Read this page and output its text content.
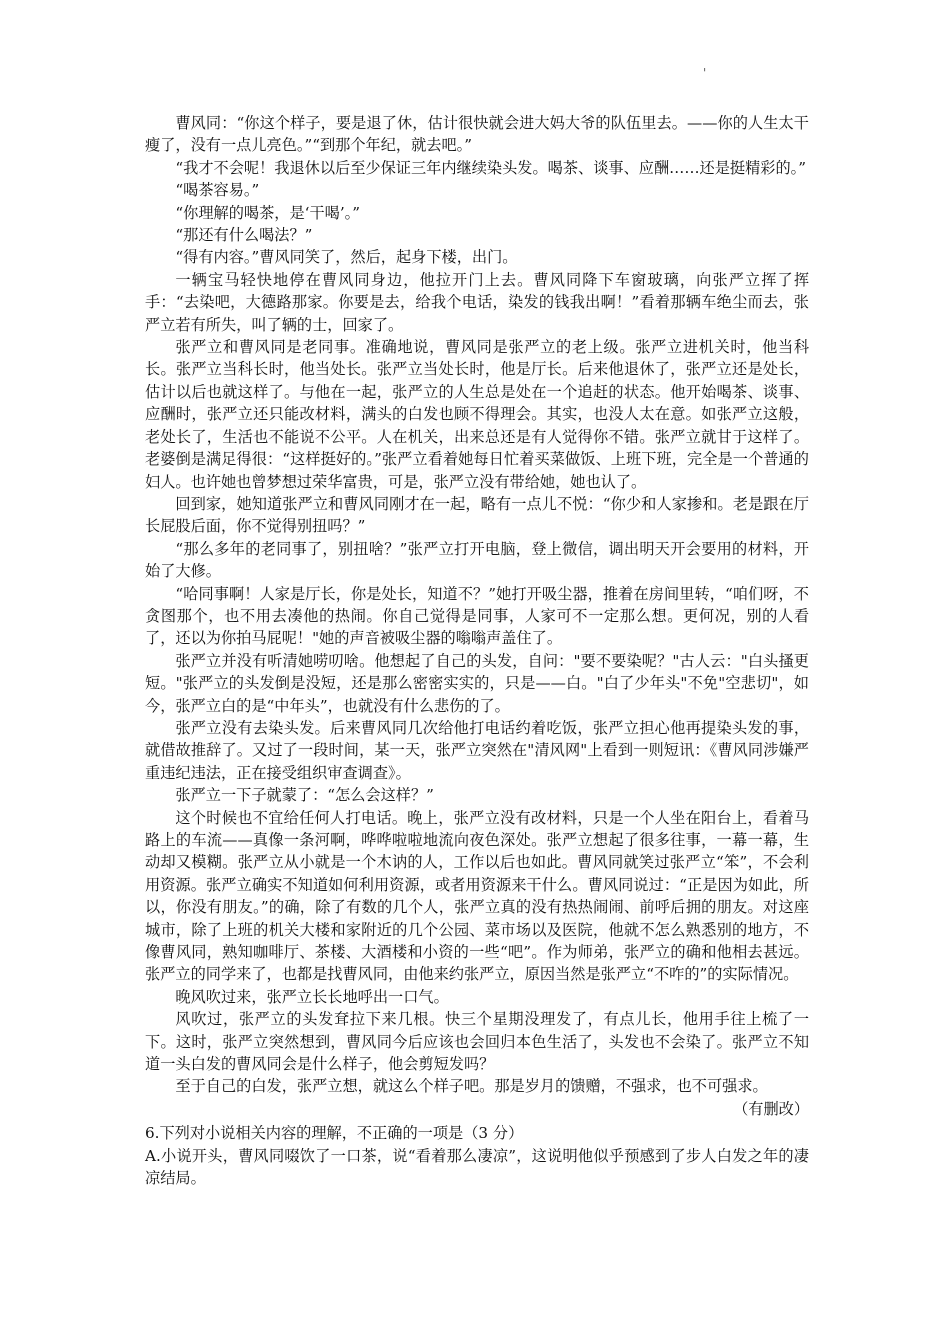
'

曹风同：“你这个样子，要是退了休，估计很快就会进大妈大爷的队伍里去。——你的人生太干瘦了，没有一点儿亮色。”“到那个年纪，就去吧。”

“我才不会呢！我退休以后至少保证三年内继续染头发。喝茶、谈事、应酬……还是挺精彩的。”

“喝茶容易。”

“你理解的喝茶，是‘干喝’。”

“那还有什么喝法？”

“得有内容。”曹风同笑了，然后，起身下楼，出门。

一辆宝马轻快地停在曹风同身边，他拉开门上去。曹风同降下车窗玻璃，向张严立挥了挥手：“去染吧，大德路那家。你要是去，给我个电话，染发的钱我出啊！”看着那辆车绝尘而去，张严立若有所失，叫了辆的士，回家了。

张严立和曹风同是老同事。准确地说，曹风同是张严立的老上级。张严立进机关时，他当科长。张严立当科长时，他当处长。张严立当处长时，他是厅长。后来他退休了，张严立还是处长，估计以后也就这样了。与他在一起，张严立的人生总是处在一个追赶的状态。他开始喝茶、谈事、应酬时，张严立还只能改材料，满头的白发也顾不得理会。其实，也没人太在意。如张严立这般，老处长了，生活也不能说不公平。人在机关，出来总还是有人觉得你不错。张严立就甘于这样了。老婆倒是满足得很：“这样挺好的。”张严立看着她每日忙着买菜做饭、上班下班，完全是一个普通的妇人。也许她也曾梦想过荣华富贵，可是，张严立没有带给她，她也认了。

回到家，她知道张严立和曹风同刚才在一起，略有一点儿不悦：“你少和人家掺和。老是跟在厅长屁股后面，你不觉得别扭吗？”

“那么多年的老同事了，别扭啥？”张严立打开电脑，登上微信，调出明天开会要用的材料，开始了大修。

“哈同事啊！人家是厅长，你是处长，知道不？”她打开吸尘器，推着在房间里转，“咱们呀，不贪图那个，也不用去凑他的热闹。你自己觉得是同事，人家可不一定那么想。更何况，别的人看了，还以为你拍马屁呢！"她的声音被吸尘器的嗡嗡声盖住了。

张严立并没有听清她唠叨啥。他想起了自己的头发，自问："要不要染呢？"古人云："白头搔更短。"张严立的头发倒是没短，还是那么密密实实的，只是——白。"白了少年头"不免"空悲切"，如今，张严立白的是“中年头”，也就没有什么悲伤的了。

张严立没有去染头发。后来曹风同几次给他打电话约着吃饭，张严立担心他再提染头发的事，就借故推辞了。又过了一段时间，某一天，张严立突然在"清风网"上看到一则短讯：《曹风同涉嫌严重违纪违法，正在接受组织审查调查》。

张严立一下子就蒙了：“怎么会这样？”

这个时候也不宜给任何人打电话。晚上，张严立没有改材料，只是一个人坐在阳台上，看着马路上的车流——真像一条河啊，哗哗啦啦地流向夜色深处。张严立想起了很多往事，一幕一幕，生动却又模糊。张严立从小就是一个木讷的人，工作以后也如此。曹风同就笑过张严立“笨”，不会利用资源。张严立确实不知道如何利用资源，或者用资源来干什么。曹风同说过：“正是因为如此，所以，你没有朋友。”的确，除了有数的几个人，张严立真的没有热热闹闹、前呼后拥的朋友。对这座城市，除了上班的机关大楼和家附近的几个公园、菜市场以及医院，他就不怎么熟悉别的地方，不像曹风同，熟知咖啡厅、茶楼、大酒楼和小资的一些“吧”。作为师弟，张严立的确和他相去甚远。张严立的同学来了，也都是找曹风同，由他来约张严立，原因当然是张严立“不咋的”的实际情况。

晚风吹过来，张严立长长地呼出一口气。

风吹过，张严立的头发耷拉下来几根。快三个星期没理发了，有点儿长，他用手往上梳了一下。这时，张严立突然想到，曹风同今后应该也会回归本色生活了，头发也不会染了。张严立不知道一头白发的曹风同会是什么样子，他会剪短发吗？

至于自己的白发，张严立想，就这么个样子吧。那是岁月的馈赠，不强求，也不可强求。

（有删改）

6.下列对小说相关内容的理解，不正确的一项是（3 分）

A.小说开头，曹风同啜饮了一口茶，说“看着那么凄凉”，这说明他似乎预感到了步人白发之年的凄凉结局。
